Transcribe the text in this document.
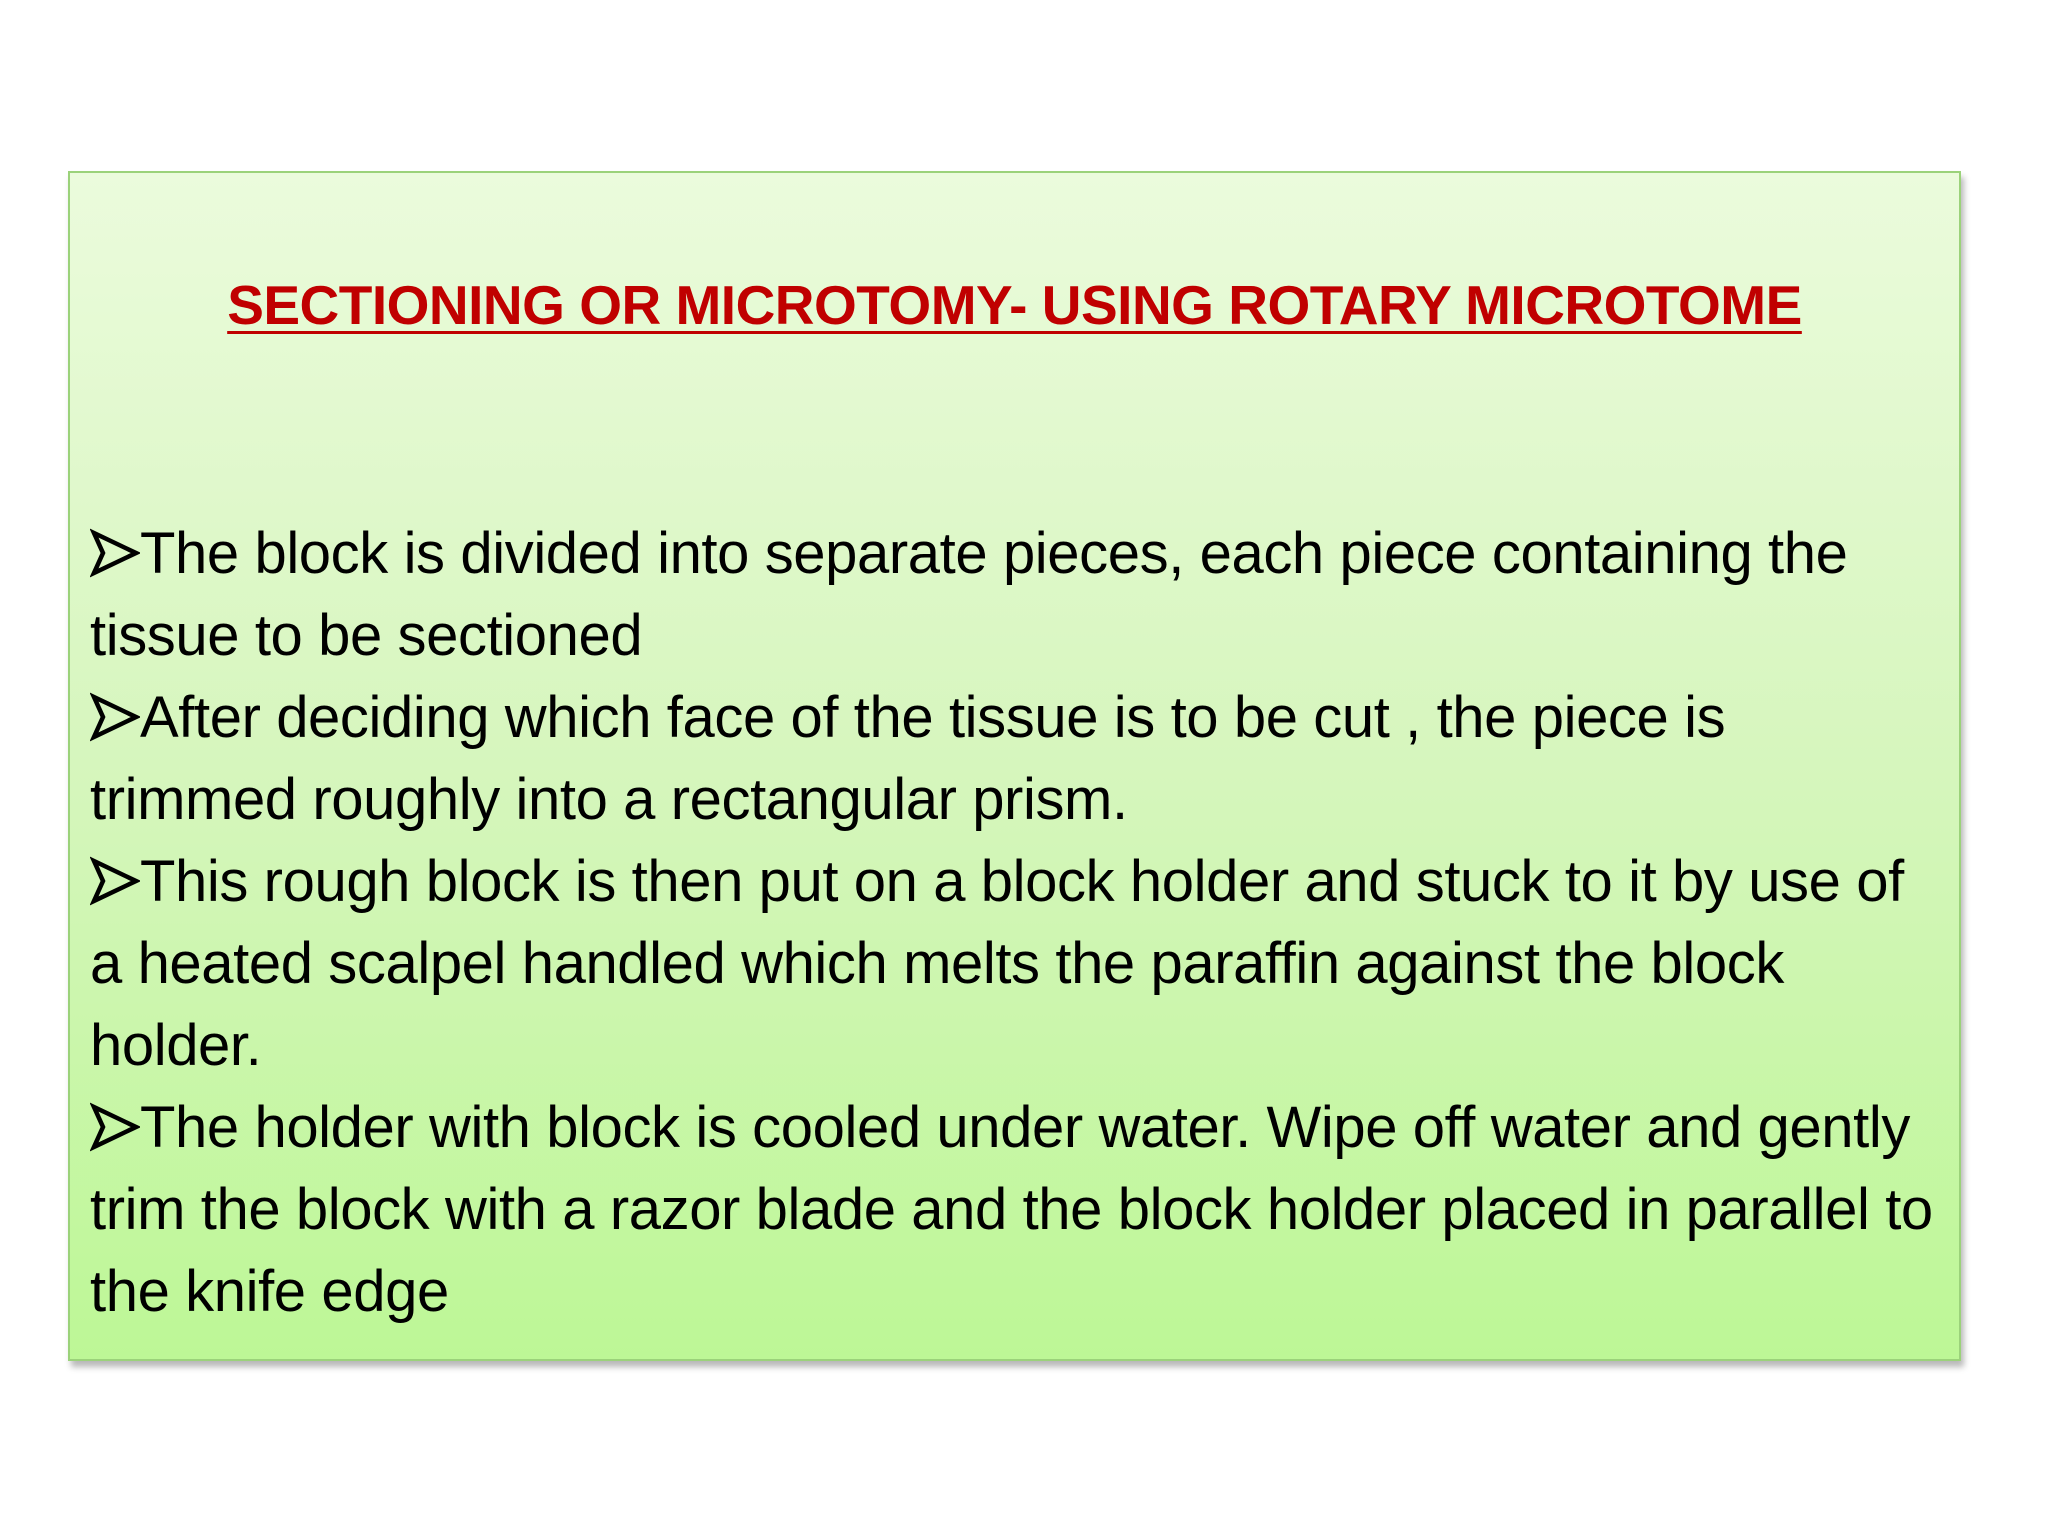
SECTIONING OR MICROTOMY- USING ROTARY MICROTOME
The block is divided into separate pieces, each piece containing the tissue to be sectioned
After deciding which face of the tissue is to be cut , the piece is trimmed roughly into a rectangular prism.
This rough block is then put on a block holder and stuck to it by use of a heated scalpel handled which melts the paraffin against the block holder.
The holder with block is cooled under water. Wipe off water and gently trim the block with a razor blade and the block holder placed in parallel to the knife edge
